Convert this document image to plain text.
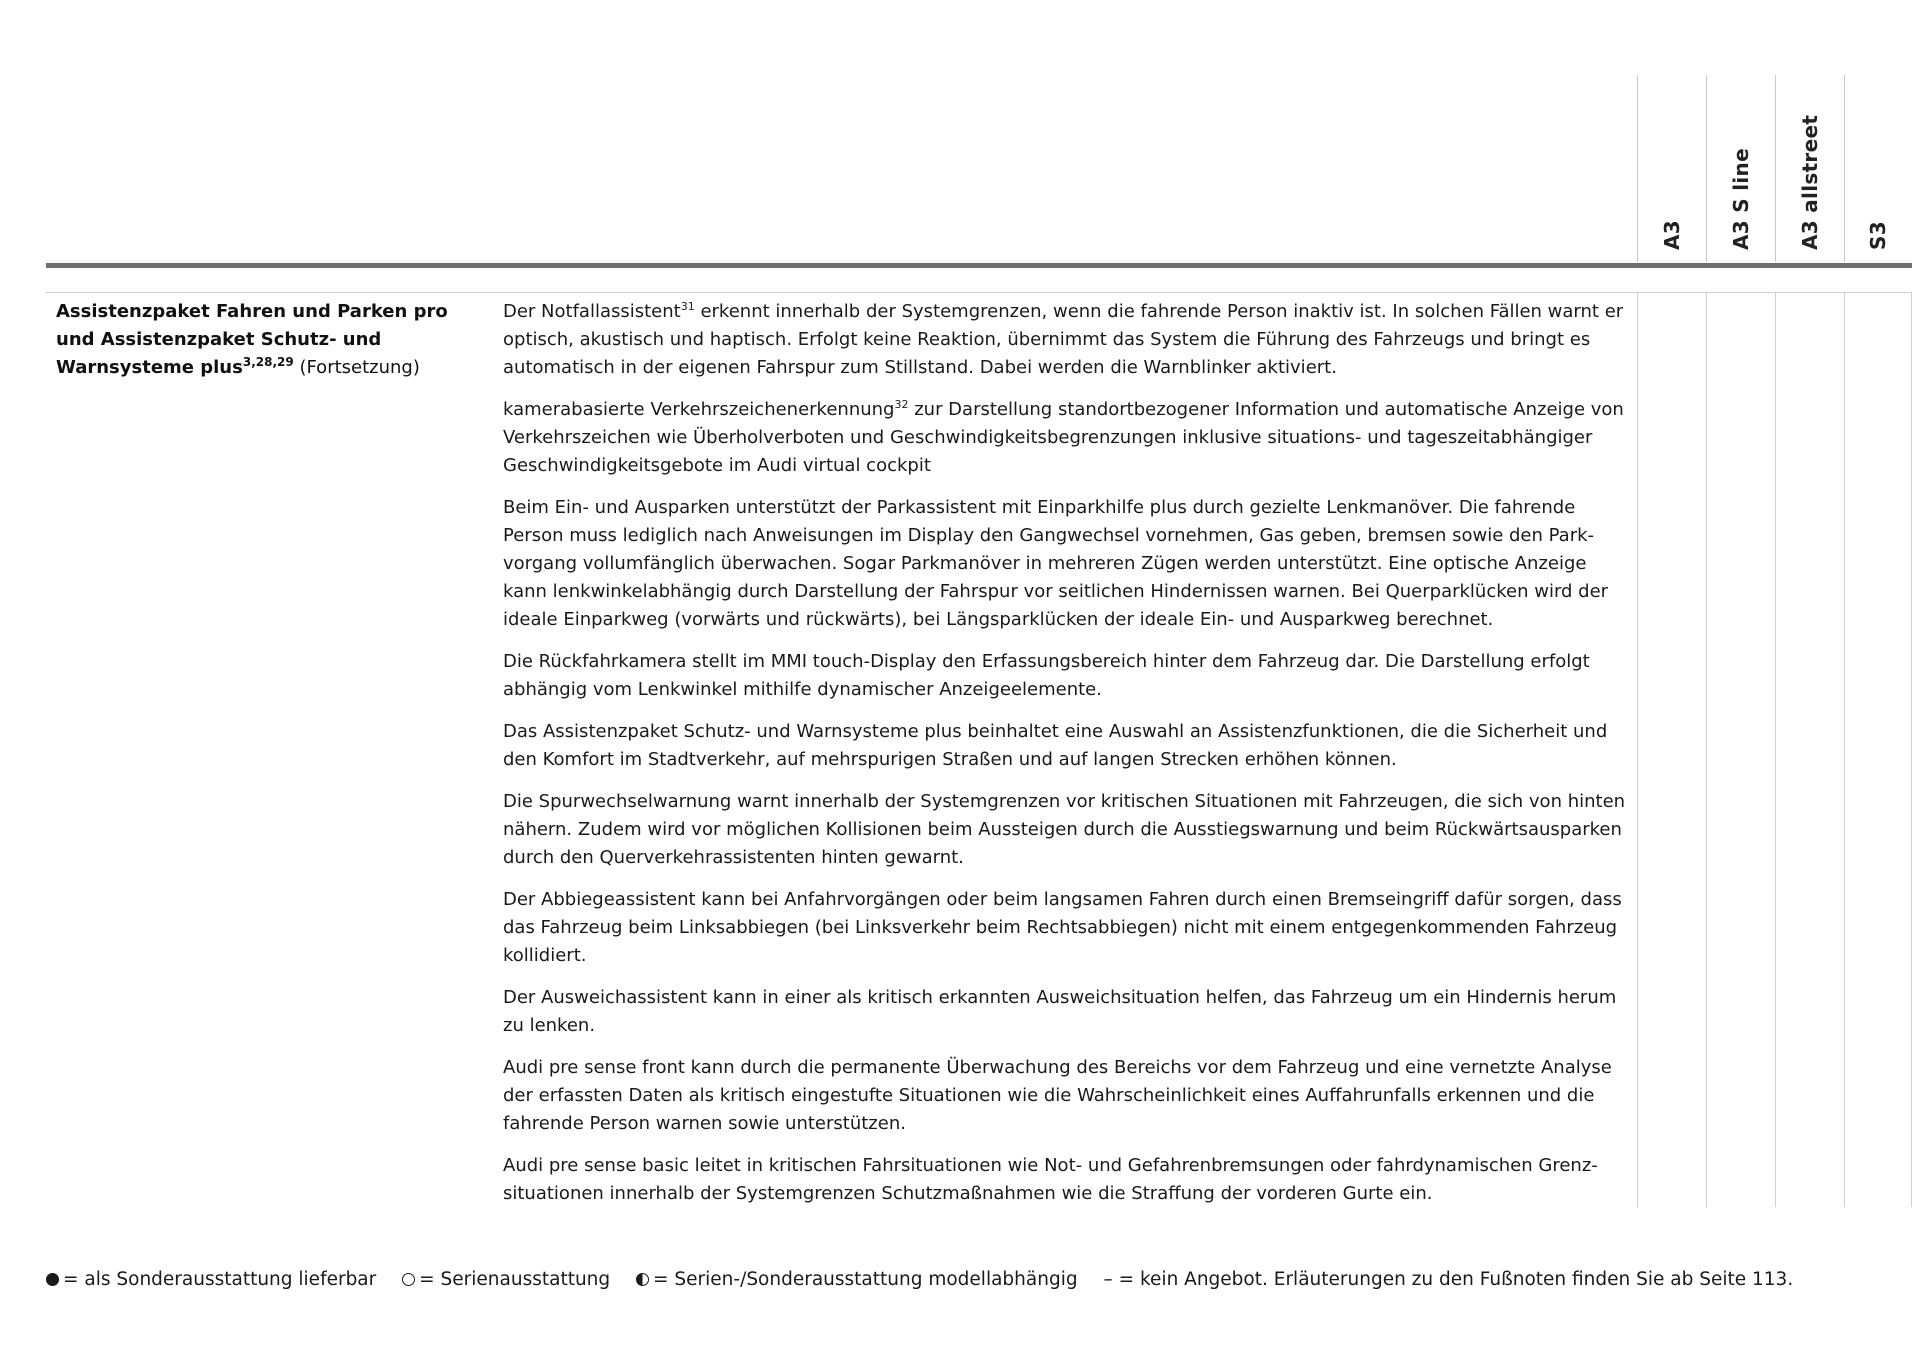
A3 A3 S line A3 allstreet S3
Assistenzpaket Fahren und Parken pro und Assistenzpaket Schutz- und Warnsysteme plus$^{3,28,29}$ (Fortsetzung)

Der Notfallassistent$^{31}$ erkennt innerhalb der Systemgrenzen, wenn die fahrende Person inaktiv ist. In solchen Fällen warnt er optisch, akustisch und haptisch. Erfolgt keine Reaktion, übernimmt das System die Führung des Fahrzeugs und bringt es automatisch in der eigenen Fahrspur zum Stillstand. Dabei werden die Warnblinker aktiviert.

kamerabasierte Verkehrszeichenerkennung$^{32}$ zur Darstellung standortbezogener Information und automatische Anzeige von Verkehrszeichen wie Überholverboten und Geschwindigkeitsbegrenzungen inklusive situations- und tageszeitabhängiger Geschwindigkeitsgebote im Audi virtual cockpit

Beim Ein- und Ausparken unterstützt der Parkassistent mit Einparkhilfe plus durch gezielte Lenkmanöver. Die fahrende Person muss lediglich nach Anweisungen im Display den Gangwechsel vornehmen, Gas geben, bremsen sowie den Parkvorgang vollumfänglich überwachen. Sogar Parkmanöver in mehreren Zügen werden unterstützt. Eine optische Anzeige kann lenkwinkelabhängig durch Darstellung der Fahrspur vor seitlichen Hindernissen warnen. Bei Querparklücken wird der ideale Einparkweg (vorwärts und rückwärts), bei Längsparklücken der ideale Ein- und Ausparkweg berechnet.

Die Rückfahrkamera stellt im MMI touch-Display den Erfassungsbereich hinter dem Fahrzeug dar. Die Darstellung erfolgt abhängig vom Lenkwinkel mithilfe dynamischer Anzeigeelemente.

Das Assistenzpaket Schutz- und Warnsysteme plus beinhaltet eine Auswahl an Assistenzfunktionen, die die Sicherheit und den Komfort im Stadtverkehr, auf mehrspurigen Straßen und auf langen Strecken erhöhen können.

Die Spurwechselwarnung warnt innerhalb der Systemgrenzen vor kritischen Situationen mit Fahrzeugen, die sich von hinten nähern. Zudem wird vor möglichen Kollisionen beim Aussteigen durch die Ausstiegswarnung und beim Rückwärtsausparken durch den Querverkehrassistenten hinten gewarnt.

Der Abbiegeassistent kann bei Anfahrvorgängen oder beim langsamen Fahren durch einen Bremseingriff dafür sorgen, dass das Fahrzeug beim Linksabbiegen (bei Linksverkehr beim Rechtsabbiegen) nicht mit einem entgegenkommenden Fahrzeug kollidiert.

Der Ausweichassistent kann in einer als kritisch erkannten Ausweichsituation helfen, das Fahrzeug um ein Hindernis herum zu lenken.

Audi pre sense front kann durch die permanente Überwachung des Bereichs vor dem Fahrzeug und eine vernetzte Analyse der erfassten Daten als kritisch eingestufte Situationen wie die Wahrscheinlichkeit eines Auffahrunfalls erkennen und die fahrende Person warnen sowie unterstützen.

Audi pre sense basic leitet in kritischen Fahrsituationen wie Not- und Gefahrenbremsungen oder fahrdynamischen Grenzsituationen innerhalb der Systemgrenzen Schutzmaßnahmen wie die Straffung der vorderen Gurte ein.

= als Sonderausstattung lieferbar = Serienausstattung = Serien-/Sonderausstattung modellabhängig – = kein Angebot. Erläuterungen zu den Fußnoten finden Sie ab Seite 113.
